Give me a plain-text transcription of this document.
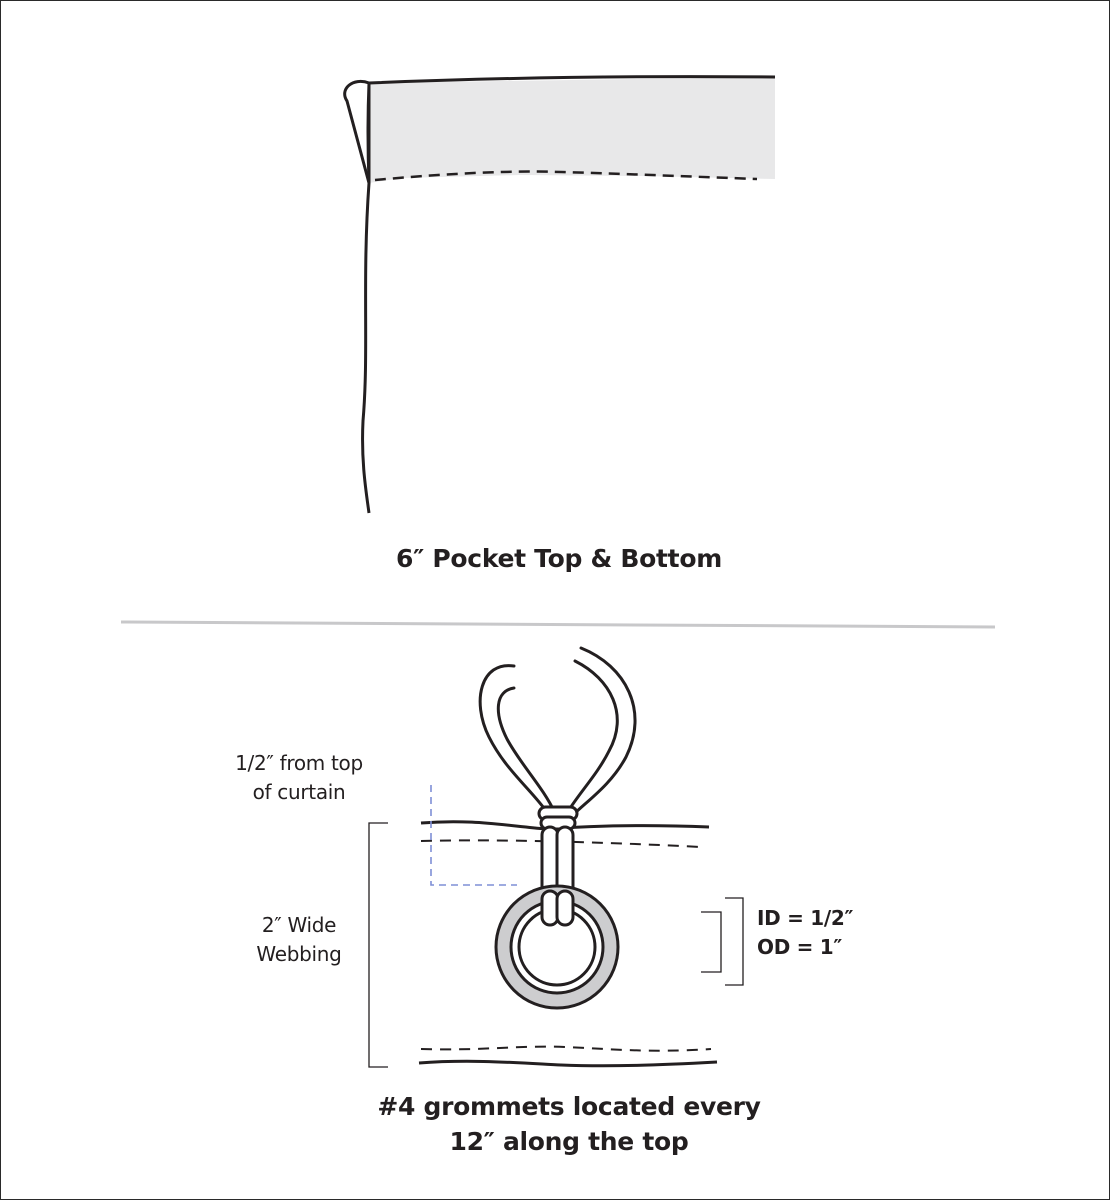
6″ Pocket Top & Bottom
1/2″ from top
of curtain
2″ Wide
Webbing
ID = 1/2″
OD = 1″
#4 grommets located every
12″ along the top
